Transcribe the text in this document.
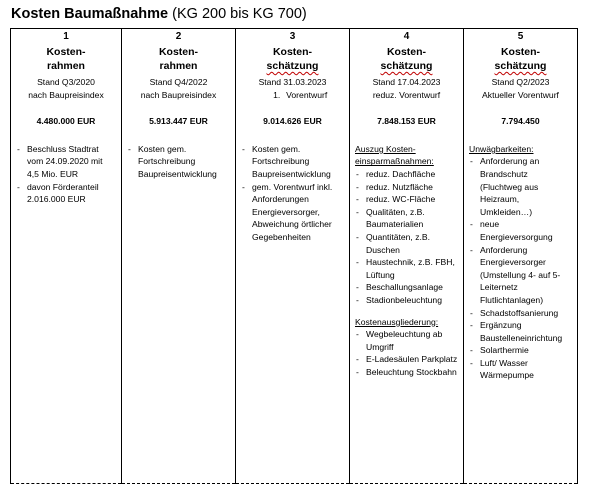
Kosten Baumaßnahme (KG 200 bis KG 700)
1
Kosten-
rahmen
Stand Q3/2020
nach Baupreisindex
4.480.000 EUR
- Beschluss Stadtrat vom 24.09.2020 mit 4,5 Mio. EUR
- davon Förderanteil 2.016.000 EUR

2
Kosten-
rahmen
Stand Q4/2022
nach Baupreisindex
5.913.447 EUR
- Kosten gem. Fortschreibung Baupreisentwicklung

3
Kosten-
schätzung
Stand 31.03.2023
1. Vorentwurf
9.014.626 EUR
- Kosten gem. Fortschreibung Baupreisentwicklung
- gem. Vorentwurf inkl. Anforderungen Energieversorger, Abweichung örtlicher Gegebenheiten

4
Kosten-
schätzung
Stand 17.04.2023
reduz. Vorentwurf
7.848.153 EUR
Auszug Kosten-einsparmaßnahmen:
- reduz. Dachfläche
- reduz. Nutzfläche
- reduz. WC-Fläche
- Qualitäten, z.B. Baumaterialien
- Quantitäten, z.B. Duschen
- Haustechnik, z.B. FBH, Lüftung
- Beschallungsanlage
- Stadionbeleuchtung
Kostenausgliederung:
- Wegbeleuchtung ab Umgriff
- E-Ladesäulen Parkplatz
- Beleuchtung Stockbahn

5
Kosten-
schätzung
Stand Q2/2023
Aktueller Vorentwurf
7.794.450
Unwägbarkeiten:
- Anforderung an Brandschutz (Fluchtweg aus Heizraum, Umkleiden…)
- neue Energieversorgung
- Anforderung Energieversorger (Umstellung 4- auf 5-Leiternetz Flutlichtanlagen)
- Schadstoffsanierung
- Ergänzung Baustelleneinrichtung
- Solarthermie
- Luft/ Wasser Wärmepumpe
